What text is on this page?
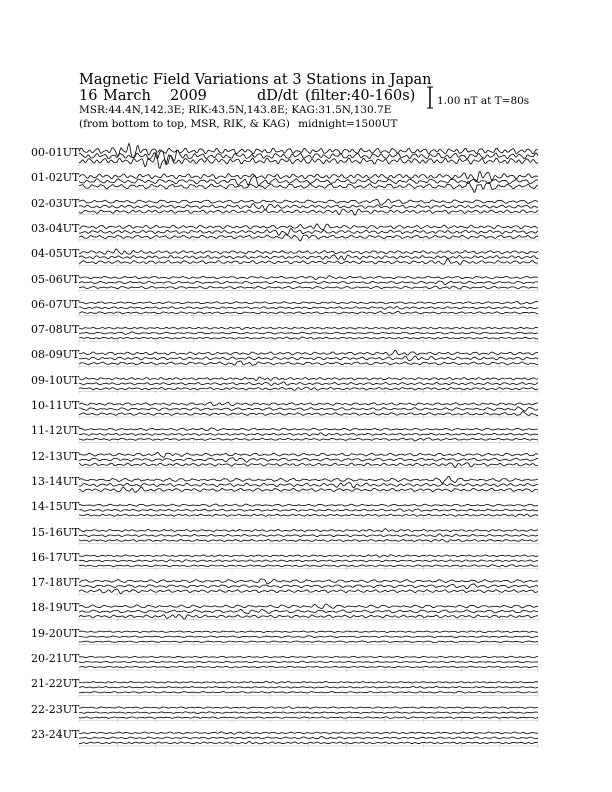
Magnetic Field Variations at 3 Stations in Japan
16 March 2009	dD/dt (filter:40-160s)
MSR:44.4N,142.3E; RIK:43.5N,143.8E; KAG:31.5N,130.7E
(from bottom to top, MSR, RIK, & KAG) midnight=1500UT
1.00 nT at T=80s
00-01UT
01-02UT
02-03UT
03-04UT
04-05UT
05-06UT
06-07UT
07-08UT
08-09UT
09-10UT
10-11UT
11-12UT
12-13UT
13-14UT
14-15UT
15-16UT
16-17UT
17-18UT
18-19UT
19-20UT
20-21UT
21-22UT
22-23UT
23-24UT
